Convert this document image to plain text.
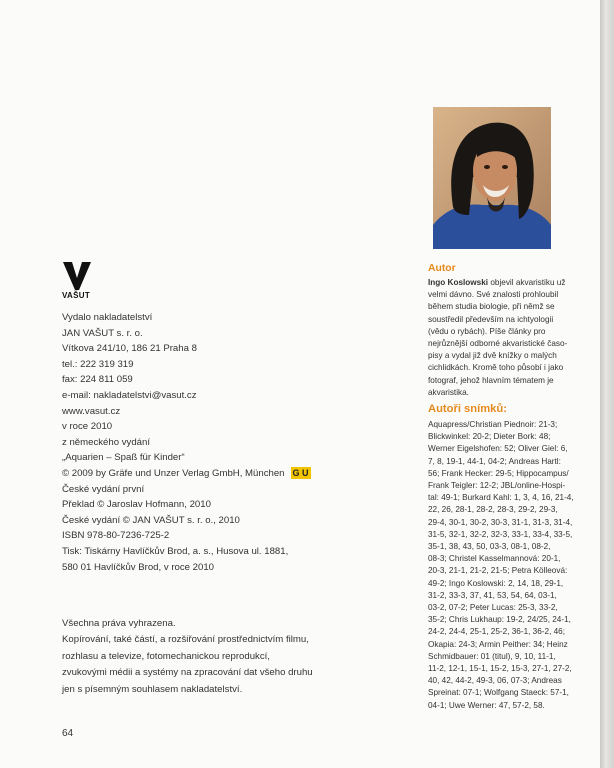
VAŠUT
Vydalo nakladatelství
JAN VAŠUT s. r. o.
Vítkova 241/10, 186 21 Praha 8
tel.: 222 319 319
fax: 224 811 059
e-mail: nakladatelstvi@vasut.cz
www.vasut.cz
v roce 2010
z německého vydání
„Aquarien – Spaß für Kinder“
© 2009 by Gräfe und Unzer Verlag GmbH, München G U
České vydání první
Překlad © Jaroslav Hofmann, 2010
České vydání © JAN VAŠUT s. r. o., 2010
ISBN 978-80-7236-725-2
Tisk: Tiskárny Havlíčkův Brod, a. s., Husova ul. 1881,
580 01 Havlíčkův Brod, v roce 2010
Všechna práva vyhrazena.
Kopírování, také částí, a rozšiřování prostřednictvím filmu,
rozhlasu a televize, fotomechanickou reprodukcí,
zvukovými médii a systémy na zpracování dat všeho druhu
jen s písemným souhlasem nakladatelství.
64
Autor
Ingo Koslowski objevil akvaristiku už
velmi dávno. Své znalosti prohloubil
během studia biologie, při němž se
soustředil především na ichtyologii
(vědu o rybách). Píše články pro
nejrůznější odborné akvaristické časo-
pisy a vydal již dvě knížky o malých
cichlidkách. Kromě toho působí i jako
fotograf, jehož hlavním tématem je
akvaristika.
Autoři snímků:
Aquapress/Christian Piednoir: 21-3;
Blickwinkel: 20-2; Dieter Bork: 48;
Werner Eigelshofen: 52; Oliver Giel: 6,
7, 8, 19-1, 44-1, 04-2; Andreas Hartl:
56; Frank Hecker: 29-5; Hippocampus/
Frank Teigler: 12-2; JBL/online-Hospi-
tal: 49-1; Burkard Kahl: 1, 3, 4, 16, 21-4,
22, 26, 28-1, 28-2, 28-3, 29-2, 29-3,
29-4, 30-1, 30-2, 30-3, 31-1, 31-3, 31-4,
31-5, 32-1, 32-2, 32-3, 33-1, 33-4, 33-5,
35-1, 38, 43, 50, 03-3, 08-1, 08-2,
08-3; Christel Kasselmannová: 20-1,
20-3, 21-1, 21-2, 21-5; Petra Kölleová:
49-2; Ingo Koslowski: 2, 14, 18, 29-1,
31-2, 33-3, 37, 41, 53, 54, 64, 03-1,
03-2, 07-2; Peter Lucas: 25-3, 33-2,
35-2; Chris Lukhaup: 19-2, 24/25, 24-1,
24-2, 24-4, 25-1, 25-2, 36-1, 36-2, 46;
Okapia: 24-3; Armin Peither: 34; Heinz
Schmidbauer: 01 (titul), 9, 10, 11-1,
11-2, 12-1, 15-1, 15-2, 15-3, 27-1, 27-2,
40, 42, 44-2, 49-3, 06, 07-3; Andreas
Spreinat: 07-1; Wolfgang Staeck: 57-1,
04-1; Uwe Werner: 47, 57-2, 58.
